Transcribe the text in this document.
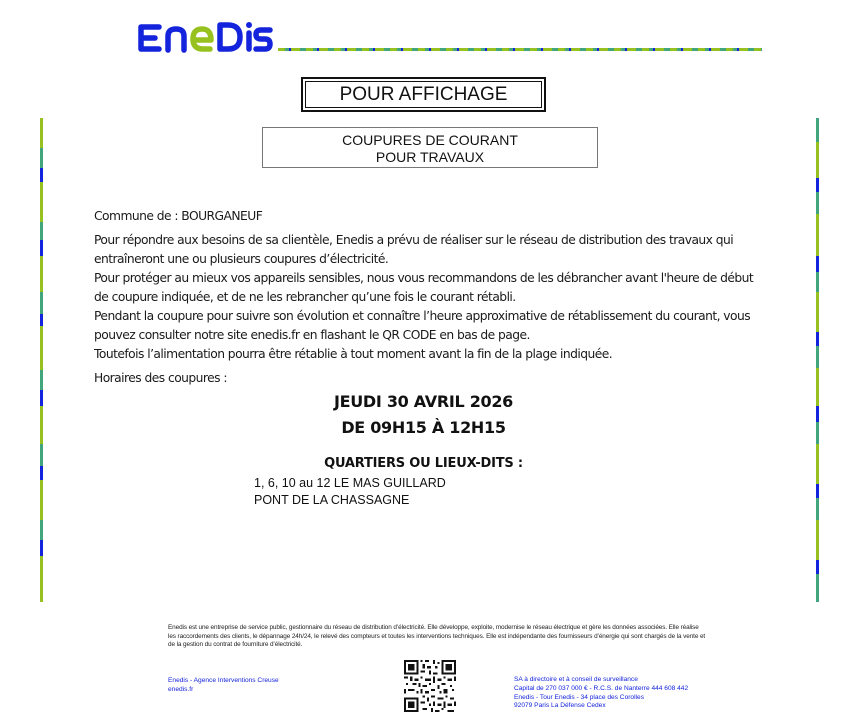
POUR AFFICHAGE
COUPURES DE COURANT
POUR TRAVAUX
Commune de : BOURGANEUF

Pour répondre aux besoins de sa clientèle, Enedis a prévu de réaliser sur le réseau de distribution des travaux qui entraîneront une ou plusieurs coupures d’électricité.

Pour protéger au mieux vos appareils sensibles, nous vous recommandons de les débrancher avant l'heure de début de coupure indiquée, et de ne les rebrancher qu’une fois le courant rétabli.

Pendant la coupure pour suivre son évolution et connaître l’heure approximative de rétablissement du courant, vous pouvez consulter notre site enedis.fr en flashant le QR CODE en bas de page.

Toutefois l’alimentation pourra être rétablie à tout moment avant la fin de la plage indiquée.

Horaires des coupures :
JEUDI 30 AVRIL 2026
DE 09H15 À 12H15
QUARTIERS OU LIEUX-DITS :
1, 6, 10 au 12 LE MAS GUILLARD
PONT DE LA CHASSAGNE
Enedis est une entreprise de service public, gestionnaire du réseau de distribution d’électricité. Elle développe, exploite, modernise le réseau électrique et gère les données associées. Elle réalise les raccordements des clients, le dépannage 24h/24, le relevé des compteurs et toutes les interventions techniques. Elle est indépendante des fournisseurs d’énergie qui sont chargés de la vente et de la gestion du contrat de fourniture d’électricité.
Enedis - Agence Interventions Creuse
enedis.fr
SA à directoire et à conseil de surveillance
Capital de 270 037 000 € - R.C.S. de Nanterre 444 608 442
Enedis - Tour Enedis - 34 place des Corolles
92079 Paris La Défense Cedex
